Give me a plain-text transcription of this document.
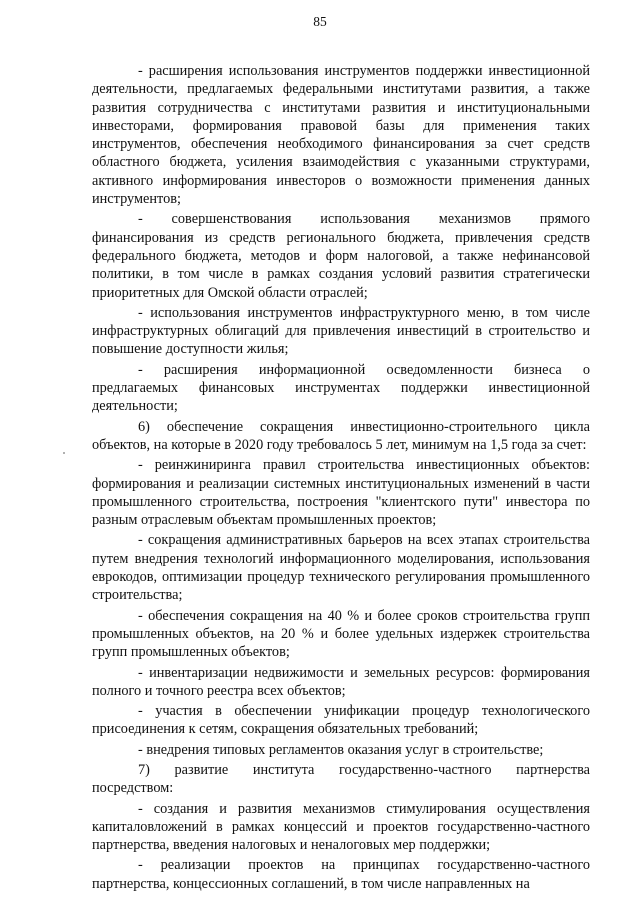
85

- расширения использования инструментов поддержки инвестиционной деятельности, предлагаемых федеральными институтами развития, а также развития сотрудничества с институтами развития и институциональными инвесторами, формирования правовой базы для применения таких инструментов, обеспечения необходимого финансирования за счет средств областного бюджета, усиления взаимодействия с указанными структурами, активного информирования инвесторов о возможности применения данных инструментов;

- совершенствования использования механизмов прямого финансирования из средств регионального бюджета, привлечения средств федерального бюджета, методов и форм налоговой, а также нефинансовой политики, в том числе в рамках создания условий развития стратегически приоритетных для Омской области отраслей;

- использования инструментов инфраструктурного меню, в том числе инфраструктурных облигаций для привлечения инвестиций в строительство и повышение доступности жилья;

- расширения информационной осведомленности бизнеса о предлагаемых финансовых инструментах поддержки инвестиционной деятельности;

6) обеспечение сокращения инвестиционно-строительного цикла объектов, на которые в 2020 году требовалось 5 лет, минимум на 1,5 года за счет:

- реинжиниринга правил строительства инвестиционных объектов: формирования и реализации системных институциональных изменений в части промышленного строительства, построения "клиентского пути" инвестора по разным отраслевым объектам промышленных проектов;

- сокращения административных барьеров на всех этапах строительства путем внедрения технологий информационного моделирования, использования еврокодов, оптимизации процедур технического регулирования промышленного строительства;

- обеспечения сокращения на 40 % и более сроков строительства групп промышленных объектов, на 20 % и более удельных издержек строительства групп промышленных объектов;

- инвентаризации недвижимости и земельных ресурсов: формирования полного и точного реестра всех объектов;

- участия в обеспечении унификации процедур технологического присоединения к сетям, сокращения обязательных требований;

- внедрения типовых регламентов оказания услуг в строительстве;

7) развитие института государственно-частного партнерства посредством:

- создания и развития механизмов стимулирования осуществления капиталовложений в рамках концессий и проектов государственно-частного партнерства, введения налоговых и неналоговых мер поддержки;

- реализации проектов на принципах государственно-частного партнерства, концессионных соглашений, в том числе направленных на
